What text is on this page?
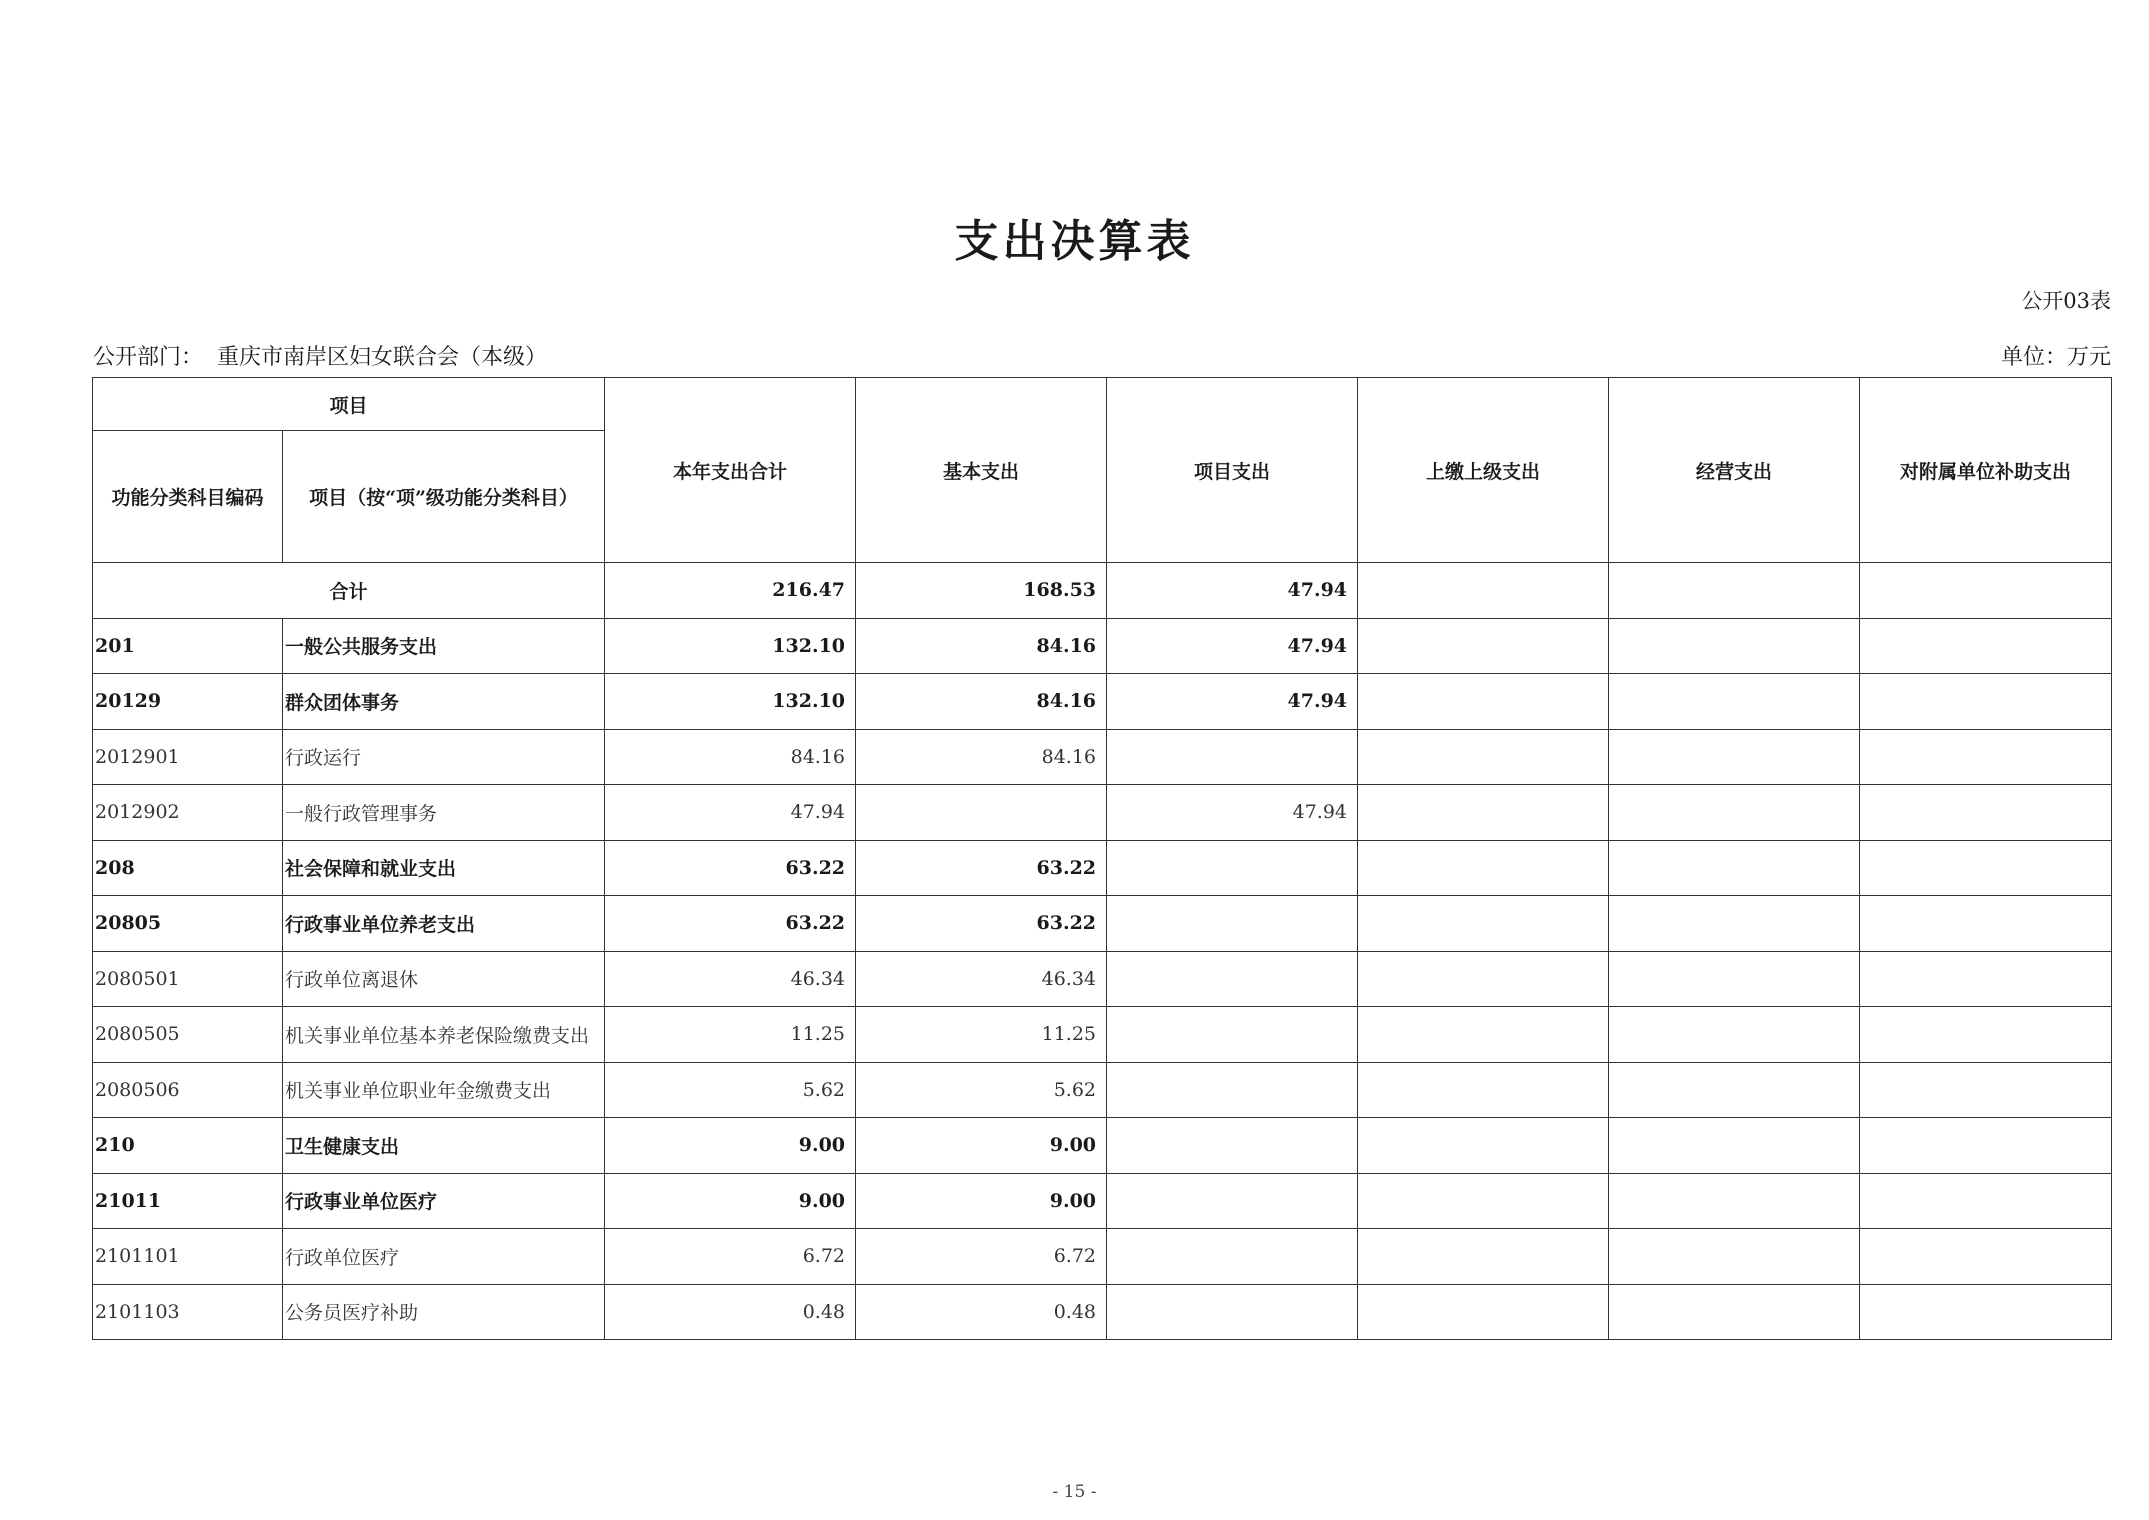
支出决算表
公开03表
公开部门： 重庆市南岸区妇女联合会（本级）	单位：万元
项目		本年支出合计	基本支出	项目支出	上缴上级支出	经营支出	对附属单位补助支出
功能分类科目编码	项目（按“项”级功能分类科目）						
合计		216.47	168.53	47.94			
201	一般公共服务支出	132.10	84.16	47.94			
20129	群众团体事务	132.10	84.16	47.94			
2012901	行政运行	84.16	84.16				
2012902	一般行政管理事务	47.94		47.94			
208	社会保障和就业支出	63.22	63.22				
20805	行政事业单位养老支出	63.22	63.22				
2080501	行政单位离退休	46.34	46.34				
2080505	机关事业单位基本养老保险缴费支出	11.25	11.25				
2080506	机关事业单位职业年金缴费支出	5.62	5.62				
210	卫生健康支出	9.00	9.00				
21011	行政事业单位医疗	9.00	9.00				
2101101	行政单位医疗	6.72	6.72				
2101103	公务员医疗补助	0.48	0.48				
- 15 -
